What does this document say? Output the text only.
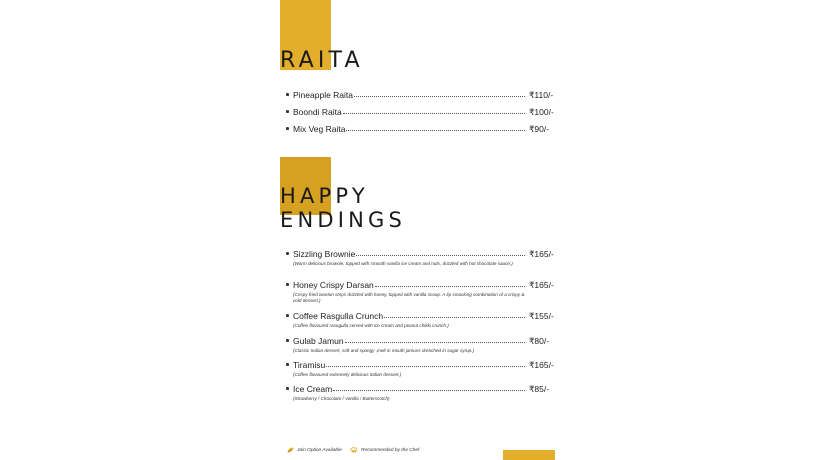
RAITA
Pineapple Raita	₹110/-
Boondi Raita	₹100/-
Mix Veg Raita	₹90/-
HAPPY
ENDINGS
Sizzling Brownie	₹165/-
(Warm delicious brownie, topped with smooth vanilla ice cream and nuts, drizzled with hot chocolate sauce.)
Honey Crispy Darsan	₹165/-
(Crispy fried wonton strips drizzled with honey, topped with vanilla scoop. A lip smacking combination of a crispy & cold dessert.)
Coffee Rasgulla Crunch	₹155/-
(Coffee flavoured rasogulla served with ice cream and peanut chikki crunch.)
Gulab Jamun	₹80/-
(Classic Indian dessert, soft and spongy ,melt in mouth jamuns drenched in sugar syrup.)
Tiramisu	₹165/-
(Coffee flavoured extremely delicious Italian dessert.)
Ice Cream	₹85/-
(Strawberry / Chocolate / Vanilla / Butterscotch)
Jain Option Available	Recommended by the Chef
